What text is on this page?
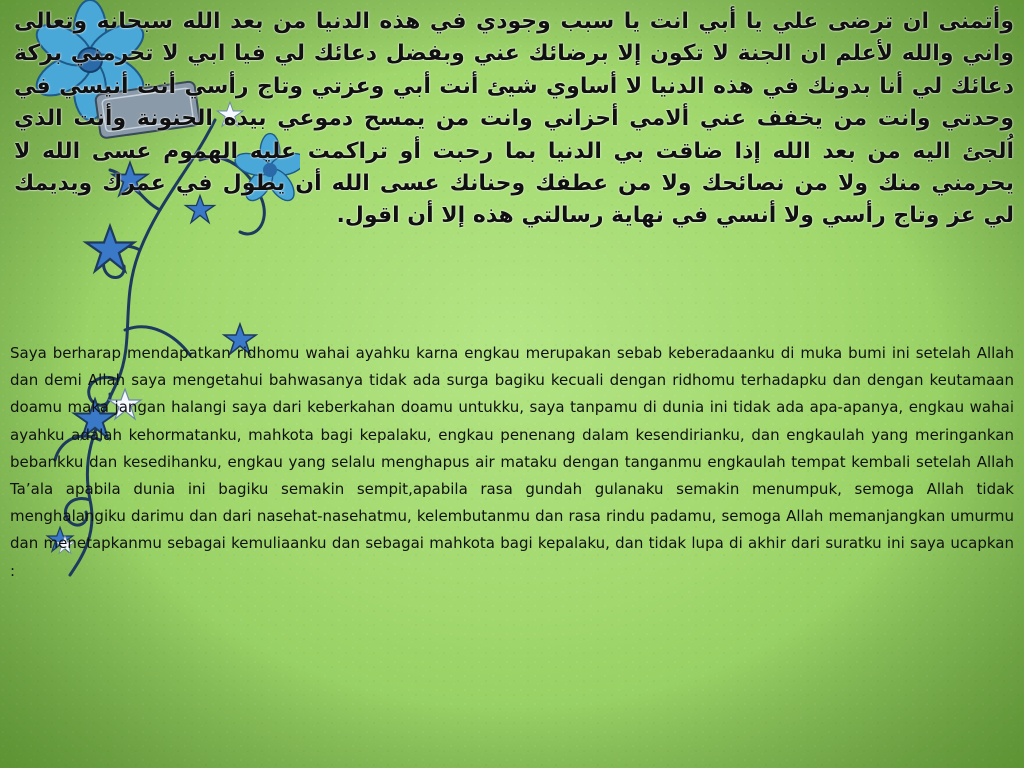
وأتمنى ان ترضى علي يا أبي انت يا سبب وجودي في هذه الدنيا من بعد الله سبحانه وتعالى واني والله لأعلم ان الجنة لا تكون إلا برضائك عني وبفضل دعائك لي فيا ابي لا تحرمني بركة دعائك لي أنا بدونك في هذه الدنيا لا أساوي شيئ أنت أبي وعزتي وتاج رأسي أنت أنيسي في وحدتي وانت من يخفف عني ألامي أحزاني وانت من يمسح دموعي بيده الحنونة وأنت الذي اُلجئ اليه من بعد الله إذا ضاقت بي الدنيا بما رحبت أو تراكمت عليه الهموم عسى الله لا يحرمني منك ولا من نصائحك ولا من عطفك وحنانك عسى الله أن يطول في عمرك ويديمك لي عز وتاج رأسي ولا أنسي في نهاية رسالتي هذه إلا أن اقول.

Saya berharap mendapatkan ridhomu wahai ayahku karna engkau merupakan sebab keberadaanku di muka bumi ini setelah Allah dan demi Allah saya mengetahui bahwasanya tidak ada surga bagiku kecuali dengan ridhomu terhadapku dan dengan keutamaan doamu maka jangan halangi saya dari keberkahan doamu untukku, saya tanpamu di dunia ini tidak ada apa-apanya, engkau wahai ayahku adalah kehormatanku, mahkota bagi kepalaku, engkau penenang dalam kesendirianku, dan engkaulah yang meringankan bebankku dan kesedihanku, engkau yang selalu menghapus air mataku dengan tanganmu engkaulah tempat kembali setelah Allah Ta’ala apabila dunia ini bagiku semakin sempit,apabila rasa gundah gulanaku semakin menumpuk, semoga Allah tidak menghalangiku darimu dan dari nasehat-nasehatmu, kelembutanmu dan rasa rindu padamu, semoga Allah memanjangkan umurmu dan menetapkanmu sebagai kemuliaanku dan sebagai mahkota bagi kepalaku, dan tidak lupa di akhir dari suratku ini saya ucapkan :
